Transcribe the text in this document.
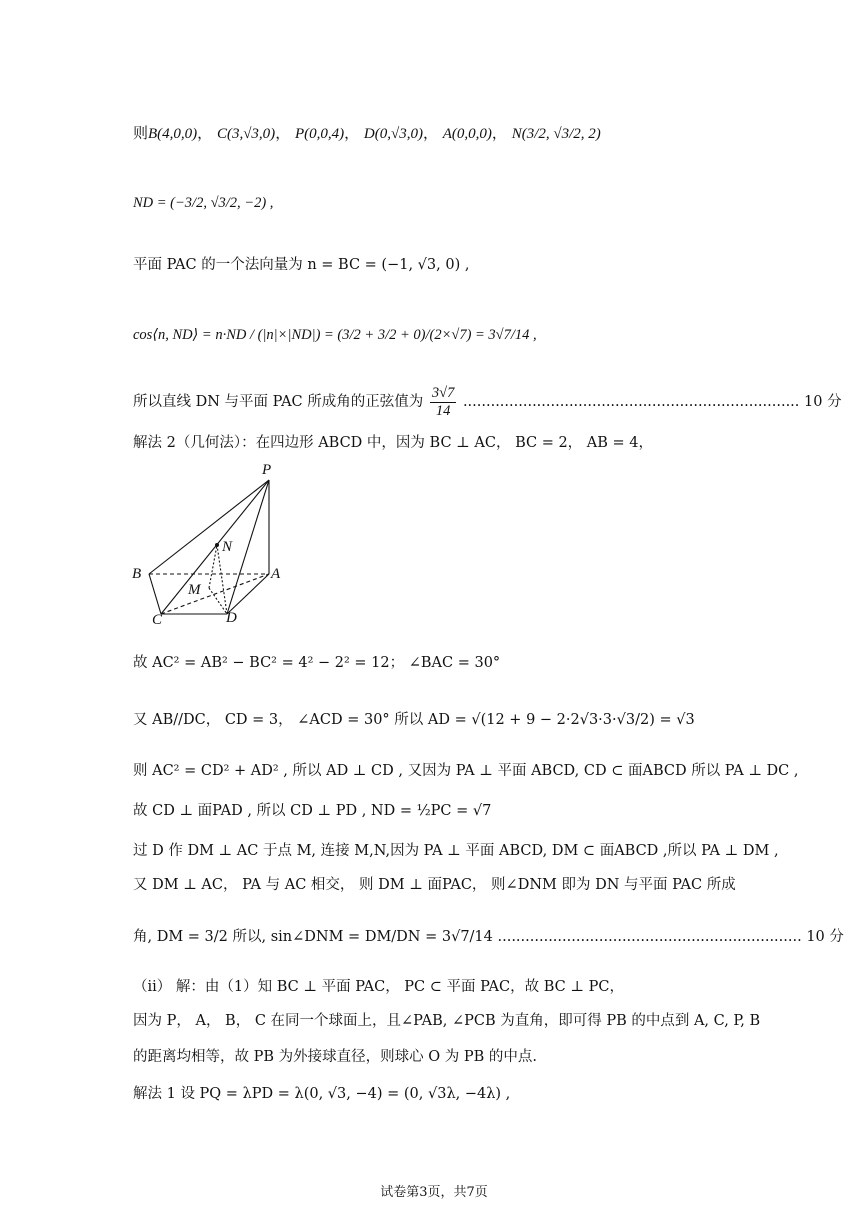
则B(4,0,0)， C(3,√3,0)， P(0,0,4)， D(0,√3,0)， A(0,0,0)， N(3/2, √3/2, 2)
ND = (−3/2, √3/2, −2) ,
平面 PAC 的一个法向量为 n = BC = (−1, √3, 0) ,
cos⟨n, ND⟩ = n·ND / (|n|×|ND|) = (3/2 + 3/2 + 0)/(2×√7) = 3√7/14 ,
所以直线 DN 与平面 PAC 所成角的正弦值为 $\frac{3√7}{14}$ ......................................................................... 10 分
解法 2（几何法）：在四边形 ABCD 中，因为 BC ⊥ AC， BC = 2， AB = 4，
P
N
B	A
M
C	D
故 AC² = AB² − BC² = 4² − 2² = 12； ∠BAC = 30°
又 AB//DC， CD = 3， ∠ACD = 30° 所以 AD = √(12 + 9 − 2·2√3·3·√3/2) = √3
则 AC² = CD² + AD² , 所以 AD ⊥ CD , 又因为 PA ⊥ 平面 ABCD, CD ⊂ 面ABCD 所以 PA ⊥ DC ,
故 CD ⊥ 面PAD , 所以 CD ⊥ PD , ND = ½PC = √7
过 D 作 DM ⊥ AC 于点 M, 连接 M,N,因为 PA ⊥ 平面 ABCD, DM ⊂ 面ABCD ,所以 PA ⊥ DM ,
又 DM ⊥ AC， PA 与 AC 相交， 则 DM ⊥ 面PAC， 则∠DNM 即为 DN 与平面 PAC 所成
角, DM = 3/2 所以, sin∠DNM = DM/DN = 3√7/14 .................................................................. 10 分
（ii） 解：由（1）知 BC ⊥ 平面 PAC， PC ⊂ 平面 PAC，故 BC ⊥ PC，
因为 P， A， B， C 在同一个球面上，且∠PAB, ∠PCB 为直角，即可得 PB 的中点到 A, C, P, B
的距离均相等，故 PB 为外接球直径，则球心 O 为 PB 的中点.
解法 1 设 PQ = λPD = λ(0, √3, −4) = (0, √3λ, −4λ) ,
试卷第3页，共7页
